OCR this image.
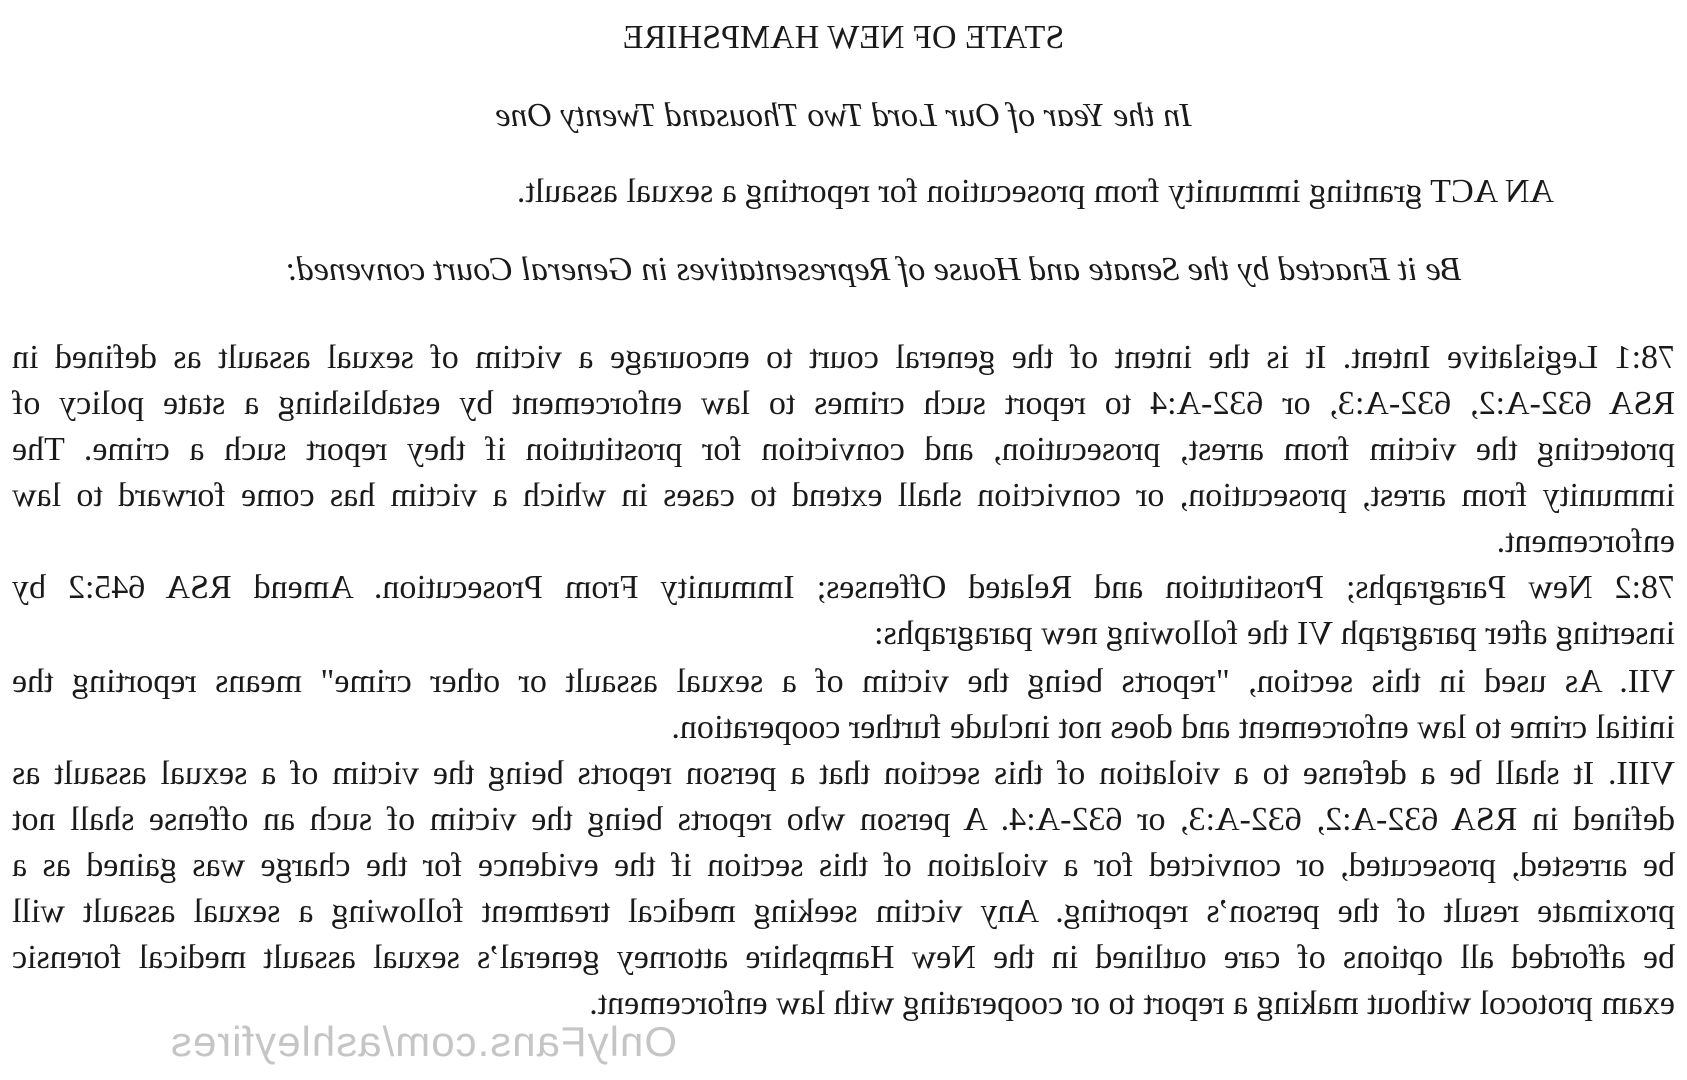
STATE OF NEW HAMPSHIRE
In the Year of Our Lord Two Thousand Twenty One
AN ACT granting immunity from prosecution for reporting a sexual assault.
Be it Enacted by the Senate and House of Representatives in General Court convened:
78:1 Legislative Intent. It is the intent of the general court to encourage a victim of sexual assault as defined in
RSA 632-A:2, 632-A:3, or 632-A:4 to report such crimes to law enforcement by establishing a state policy of
protecting the victim from arrest, prosecution, and conviction for prostitution if they report such a crime. The
immunity from arrest, prosecution, or conviction shall extend to cases in which a victim has come forward to law
enforcement.
78:2 New Paragraphs; Prostitution and Related Offenses; Immunity From Prosecution. Amend RSA 645:2 by
inserting after paragraph VI the following new paragraphs:
VII. As used in this section, "reports being the victim of a sexual assault or other crime" means reporting the
initial crime to law enforcement and does not include further cooperation.
VIII. It shall be a defense to a violation of this section that a person reports being the victim of a sexual assault as
defined in RSA 632-A:2, 632-A:3, or 632-A:4. A person who reports being the victim of such an offense shall not
be arrested, prosecuted, or convicted for a violation of this section if the evidence for the charge was gained as a
proximate result of the person’s reporting. Any victim seeking medical treatment following a sexual assault will
be afforded all options of care outlined in the New Hampshire attorney general’s sexual assault medical forensic
exam protocol without making a report to or cooperating with law enforcement.
OnlyFans.com/ashleyfires
